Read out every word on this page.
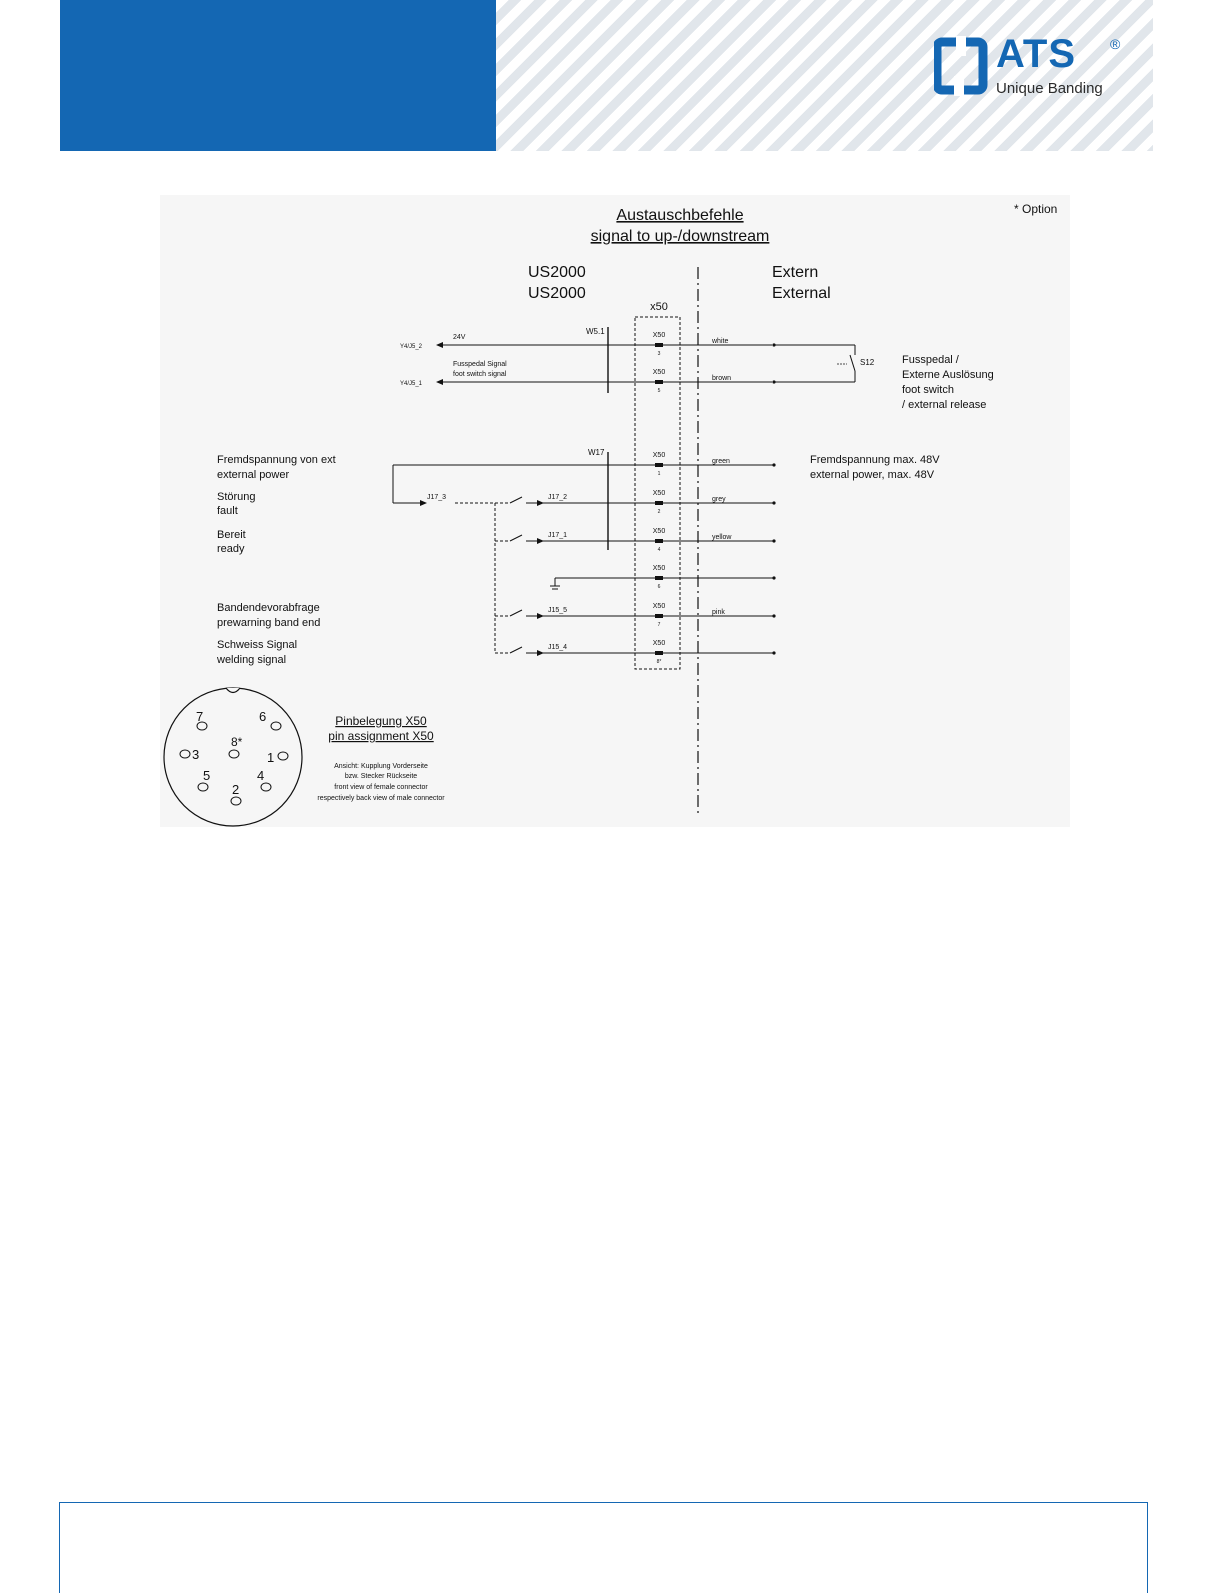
ATS ®
Unique Banding
* Option
Austauschbefehle
signal to up-/downstream
US2000
US2000
Extern
External
x50
W5.1
Y4/J5_2
Y4/J5_1
24V
Fusspedal Signal
foot switch signal
white
brown
S12	Fusspedal /
Externe Auslösung
foot switch
/ external release
W17
J17_3	J17_2
J17_1
J15_5
J15_4
green
grey
yellow
pink
Fremdspannung max. 48V
external power, max. 48V
Fremdspannung von ext
external power
Störung
fault
Bereit
ready
Bandendevorabfrage
prewarning band end
Schweiss Signal
welding signal
X50
3
X50
5
X50
1
X50
2
X50
4
X50
6
X50
7
X50
8*
7	6
8*
3	1
5	4
2
Pinbelegung X50
pin assignment X50
Ansicht: Kupplung Vorderseite
bzw. Stecker Rückseite
front view of female connector
respectively back view of male connector
